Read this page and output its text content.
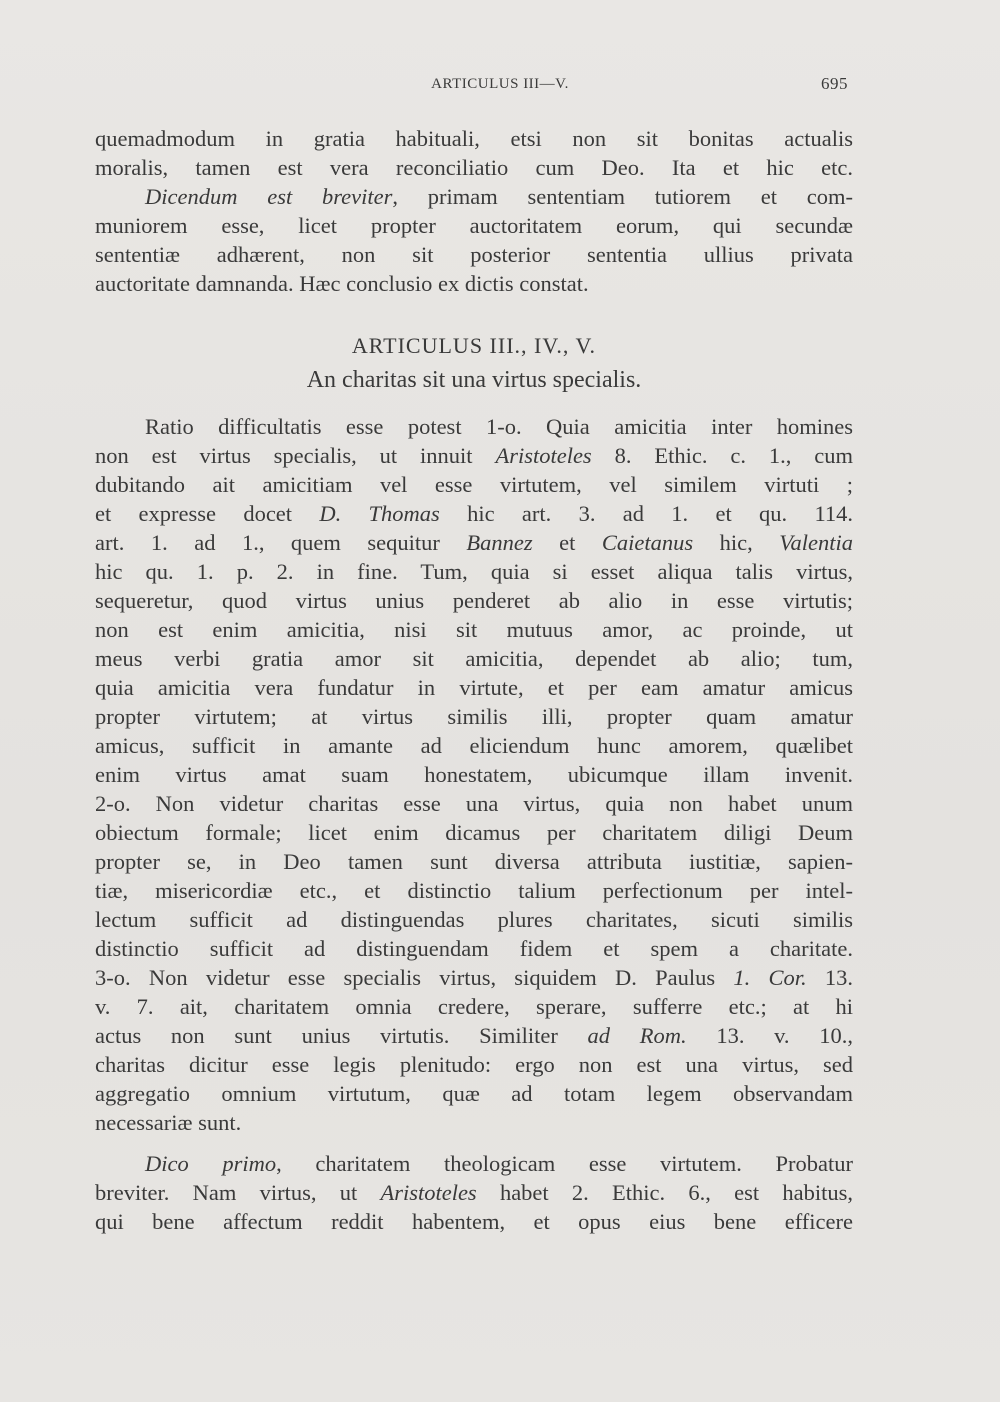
ARTICULUS III—V.	695
quemadmodum in gratia habituali, etsi non sit bonitas actualis
moralis, tamen est vera reconciliatio cum Deo. Ita et hic etc.
Dicendum est breviter, primam sententiam tutiorem et com-
muniorem esse, licet propter auctoritatem eorum, qui secundæ
sententiæ adhærent, non sit posterior sententia ullius privata
auctoritate damnanda. Hæc conclusio ex dictis constat.
ARTICULUS III., IV., V.
An charitas sit una virtus specialis.
Ratio difficultatis esse potest 1-o. Quia amicitia inter homines
non est virtus specialis, ut innuit Aristoteles 8. Ethic. c. 1., cum
dubitando ait amicitiam vel esse virtutem, vel similem virtuti ;
et expresse docet D. Thomas hic art. 3. ad 1. et qu. 114.
art. 1. ad 1., quem sequitur Bannez et Caietanus hic, Valentia
hic qu. 1. p. 2. in fine. Tum, quia si esset aliqua talis virtus,
sequeretur, quod virtus unius penderet ab alio in esse virtutis;
non est enim amicitia, nisi sit mutuus amor, ac proinde, ut
meus verbi gratia amor sit amicitia, dependet ab alio; tum,
quia amicitia vera fundatur in virtute, et per eam amatur amicus
propter virtutem; at virtus similis illi, propter quam amatur
amicus, sufficit in amante ad eliciendum hunc amorem, quælibet
enim virtus amat suam honestatem, ubicumque illam invenit.
2-o. Non videtur charitas esse una virtus, quia non habet unum
obiectum formale; licet enim dicamus per charitatem diligi Deum
propter se, in Deo tamen sunt diversa attributa iustitiæ, sapien-
tiæ, misericordiæ etc., et distinctio talium perfectionum per intel-
lectum sufficit ad distinguendas plures charitates, sicuti similis
distinctio sufficit ad distinguendam fidem et spem a charitate.
3-o. Non videtur esse specialis virtus, siquidem D. Paulus 1. Cor. 13.
v. 7. ait, charitatem omnia credere, sperare, sufferre etc.; at hi
actus non sunt unius virtutis. Similiter ad Rom. 13. v. 10.,
charitas dicitur esse legis plenitudo: ergo non est una virtus, sed
aggregatio omnium virtutum, quæ ad totam legem observandam
necessariæ sunt.
Dico primo, charitatem theologicam esse virtutem. Probatur
breviter. Nam virtus, ut Aristoteles habet 2. Ethic. 6., est habitus,
qui bene affectum reddit habentem, et opus eius bene efficere
